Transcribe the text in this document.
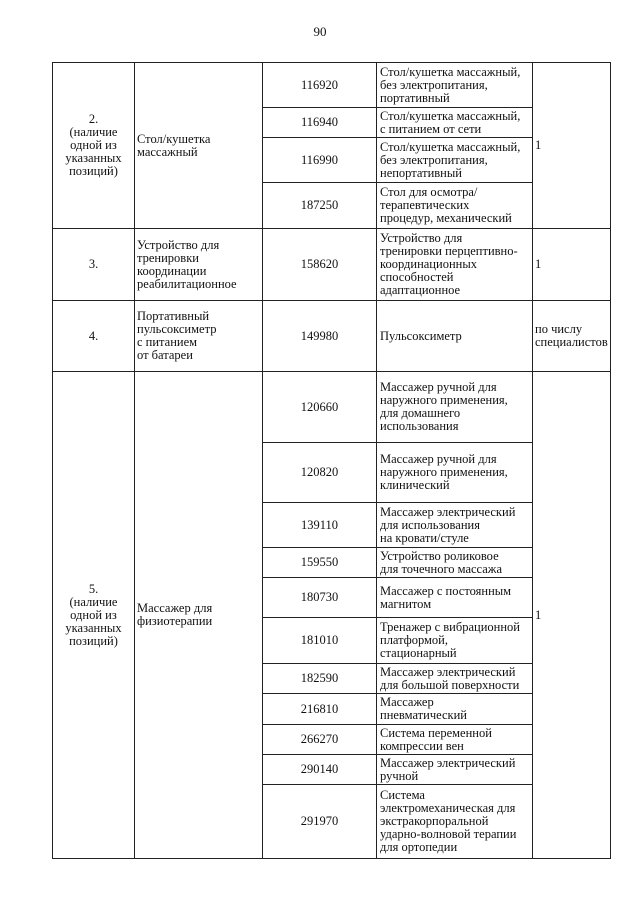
90
2.
(наличие
одной из
указанных
позиций)	Стол/кушетка
массажный	116920	Стол/кушетка массажный,
без электропитания,
портативный	1
		116940	Стол/кушетка массажный,
с питанием от сети	
		116990	Стол/кушетка массажный,
без электропитания,
непортативный	
		187250	Стол для осмотра/
терапевтических
процедур, механический	
3.	Устройство для
тренировки
координации
реабилитационное	158620	Устройство для
тренировки перцептивно-
координационных
способностей
адаптационное	1
4.	Портативный
пульсоксиметр
с питанием
от батареи	149980	Пульсоксиметр	по числу
специалистов
5.
(наличие
одной из
указанных
позиций)	Массажер для
физиотерапии	120660	Массажер ручной для
наружного применения,
для домашнего
использования	1
		120820	Массажер ручной для
наружного применения,
клинический	
		139110	Массажер электрический
для использования
на кровати/стуле	
		159550	Устройство роликовое
для точечного массажа	
		180730	Массажер с постоянным
магнитом	
		181010	Тренажер с вибрационной
платформой,
стационарный	
		182590	Массажер электрический
для большой поверхности	
		216810	Массажер
пневматический	
		266270	Система переменной
компрессии вен	
		290140	Массажер электрический
ручной	
		291970	Система
электромеханическая для
экстракорпоральной
ударно-волновой терапии
для ортопедии	
